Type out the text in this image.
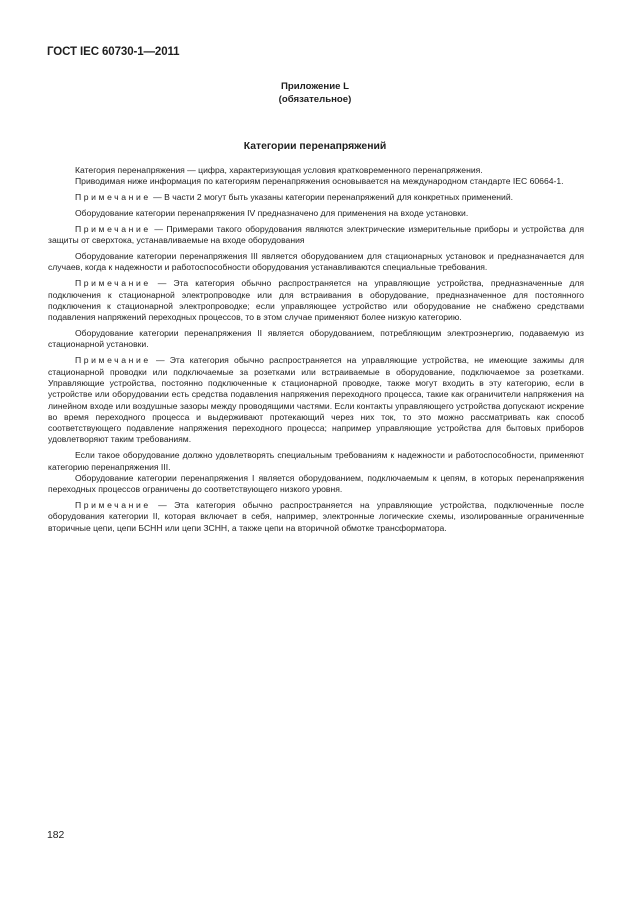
ГОСТ IEC 60730-1—2011
Приложение L
(обязательное)
Категории перенапряжений

Категория перенапряжения — цифра, характеризующая условия кратковременного перенапряжения.

Приводимая ниже информация по категориям перенапряжения основывается на международном стандарте IEC 60664-1.

Примечание — В части 2 могут быть указаны категории перенапряжений для конкретных применений.

Оборудование категории перенапряжения IV предназначено для применения на входе установки.

Примечание — Примерами такого оборудования являются электрические измерительные приборы и устройства для защиты от сверхтока, устанавливаемые на входе оборудования

Оборудование категории перенапряжения III является оборудованием для стационарных установок и предназначается для случаев, когда к надежности и работоспособности оборудования устанавливаются специальные требования.

Примечание — Эта категория обычно распространяется на управляющие устройства, предназначенные для подключения к стационарной электропроводке или для встраивания в оборудование, предназначенное для постоянного подключения к стационарной электропроводке; если управляющее устройство или оборудование не снабжено средствами подавления напряжений переходных процессов, то в этом случае применяют более низкую категорию.

Оборудование категории перенапряжения II является оборудованием, потребляющим электроэнергию, подаваемую из стационарной установки.

Примечание — Эта категория обычно распространяется на управляющие устройства, не имеющие зажимы для стационарной проводки или подключаемые за розетками или встраиваемые в оборудование, подключаемое за розетками. Управляющие устройства, постоянно подключенные к стационарной проводке, также могут входить в эту категорию, если в устройстве или оборудовании есть средства подавления напряжения переходного процесса, такие как ограничители напряжения на линейном входе или воздушные зазоры между проводящими частями. Если контакты управляющего устройства допускают искрение во время переходного процесса и выдерживают протекающий через них ток, то это можно рассматривать как способ соответствующего подавление напряжения переходного процесса; например управляющие устройства для бытовых приборов удовлетворяют таким требованиям.

Если такое оборудование должно удовлетворять специальным требованиям к надежности и работоспособности, применяют категорию перенапряжения III.

Оборудование категории перенапряжения I является оборудованием, подключаемым к цепям, в которых перенапряжения переходных процессов ограничены до соответствующего низкого уровня.

Примечание — Эта категория обычно распространяется на управляющие устройства, подключенные после оборудования категории II, которая включает в себя, например, электронные логические схемы, изолированные ограниченные вторичные цепи, цепи БСНН или цепи ЗСНН, а также цепи на вторичной обмотке трансформатора.

182
